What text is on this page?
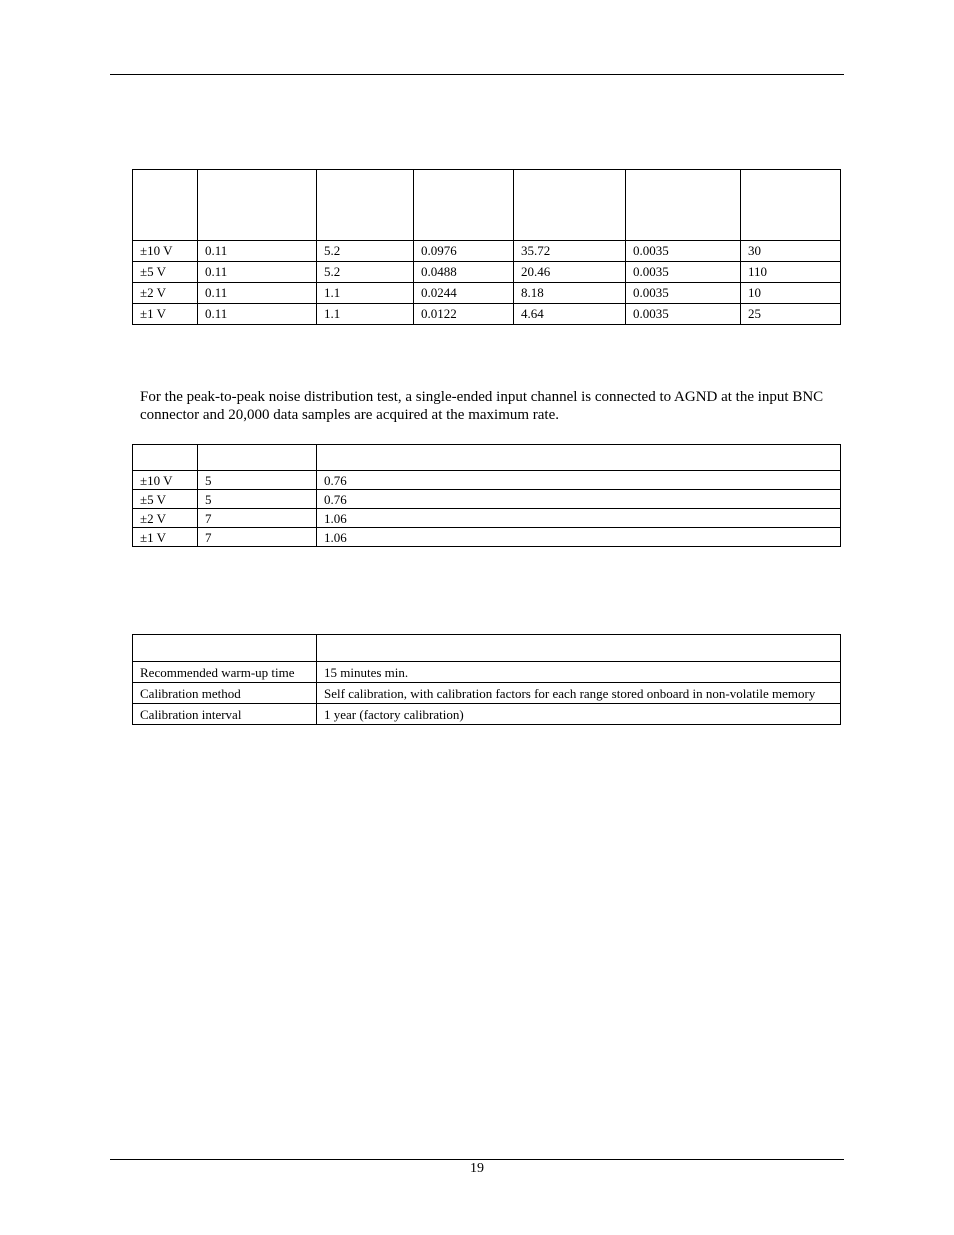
±10 V	0.11	5.2	0.0976	35.72	0.0035	30
±5 V	0.11	5.2	0.0488	20.46	0.0035	110
±2 V	0.11	1.1	0.0244	8.18	0.0035	10
±1 V	0.11	1.1	0.0122	4.64	0.0035	25

For the peak-to-peak noise distribution test, a single-ended input channel is connected to AGND at the input BNC connector and 20,000 data samples are acquired at the maximum rate.

±10 V	5	0.76
±5 V	5	0.76
±2 V	7	1.06
±1 V	7	1.06

Recommended warm-up time	15 minutes min.
Calibration method	Self calibration, with calibration factors for each range stored onboard in non-volatile memory
Calibration interval	1 year (factory calibration)
19
